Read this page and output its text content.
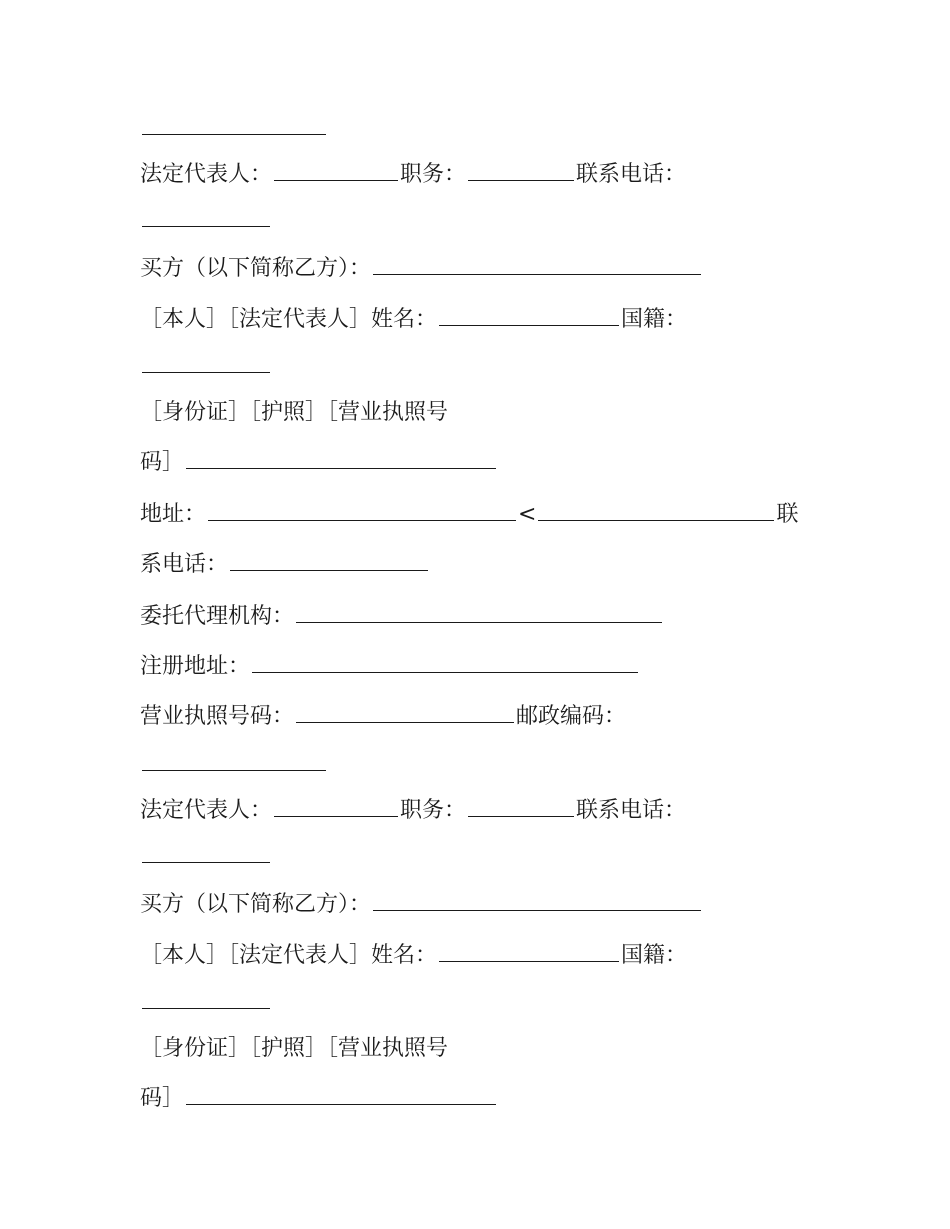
法定代表人：	职务：	联系电话：
买方（以下简称乙方）：
［本人］［法定代表人］姓名：	国籍：
［身份证］［护照］［营业执照号
码］
地址：	<	联
系电话：
委托代理机构：
注册地址：
营业执照号码：	邮政编码：
法定代表人：	职务：	联系电话：
买方（以下简称乙方）：
［本人］［法定代表人］姓名：	国籍：
［身份证］［护照］［营业执照号
码］
